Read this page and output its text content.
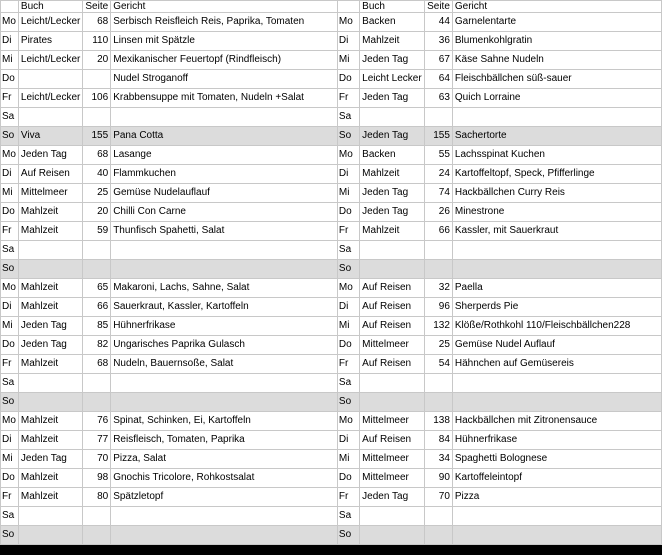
	Buch	Seite	Gericht		Buch	Seite	Gericht
Mo	Leicht/Lecker	68	Serbisch Reisfleich Reis, Paprika, Tomaten	Mo	Backen	44	Garnelentarte
Di	Pirates	110	Linsen mit Spätzle	Di	Mahlzeit	36	Blumenkohlgratin
Mi	Leicht/Lecker	20	Mexikanischer Feuertopf (Rindfleisch)	Mi	Jeden Tag	67	Käse Sahne Nudeln
Do			Nudel Stroganoff	Do	Leicht Lecker	64	Fleischbällchen süß-sauer
Fr	Leicht/Lecker	106	Krabbensuppe mit Tomaten, Nudeln +Salat	Fr	Jeden Tag	63	Quich Lorraine
Sa				Sa			
So	Viva	155	Pana Cotta	So	Jeden Tag	155	Sachertorte
Mo	Jeden Tag	68	Lasange	Mo	Backen	55	Lachsspinat Kuchen
Di	Auf Reisen	40	Flammkuchen	Di	Mahlzeit	24	Kartoffeltopf, Speck, Pfifferlinge
Mi	Mittelmeer	25	Gemüse Nudelauflauf	Mi	Jeden Tag	74	Hackbällchen Curry Reis
Do	Mahlzeit	20	Chilli Con Carne	Do	Jeden Tag	26	Minestrone
Fr	Mahlzeit	59	Thunfisch Spahetti, Salat	Fr	Mahlzeit	66	Kassler, mit Sauerkraut
Sa				Sa			
So				So			
Mo	Mahlzeit	65	Makaroni, Lachs, Sahne, Salat	Mo	Auf Reisen	32	Paella
Di	Mahlzeit	66	Sauerkraut, Kassler, Kartoffeln	Di	Auf Reisen	96	Sherperds Pie
Mi	Jeden Tag	85	Hühnerfrikase	Mi	Auf Reisen	132	Klöße/Rothkohl 110/Fleischbällchen228
Do	Jeden Tag	82	Ungarisches Paprika Gulasch	Do	Mittelmeer	25	Gemüse Nudel Auflauf
Fr	Mahlzeit	68	Nudeln, Bauernsoße, Salat	Fr	Auf Reisen	54	Hähnchen auf Gemüsereis
Sa				Sa			
So				So			
Mo	Mahlzeit	76	Spinat, Schinken, Ei, Kartoffeln	Mo	Mittelmeer	138	Hackbällchen mit Zitronensauce
Di	Mahlzeit	77	Reisfleisch, Tomaten, Paprika	Di	Auf Reisen	84	Hühnerfrikase
Mi	Jeden Tag	70	Pizza, Salat	Mi	Mittelmeer	34	Spaghetti Bolognese
Do	Mahlzeit	98	Gnochis Tricolore, Rohkostsalat	Do	Mittelmeer	90	Kartoffeleintopf
Fr	Mahlzeit	80	Spätzletopf	Fr	Jeden Tag	70	Pizza
Sa				Sa			
So				So			
